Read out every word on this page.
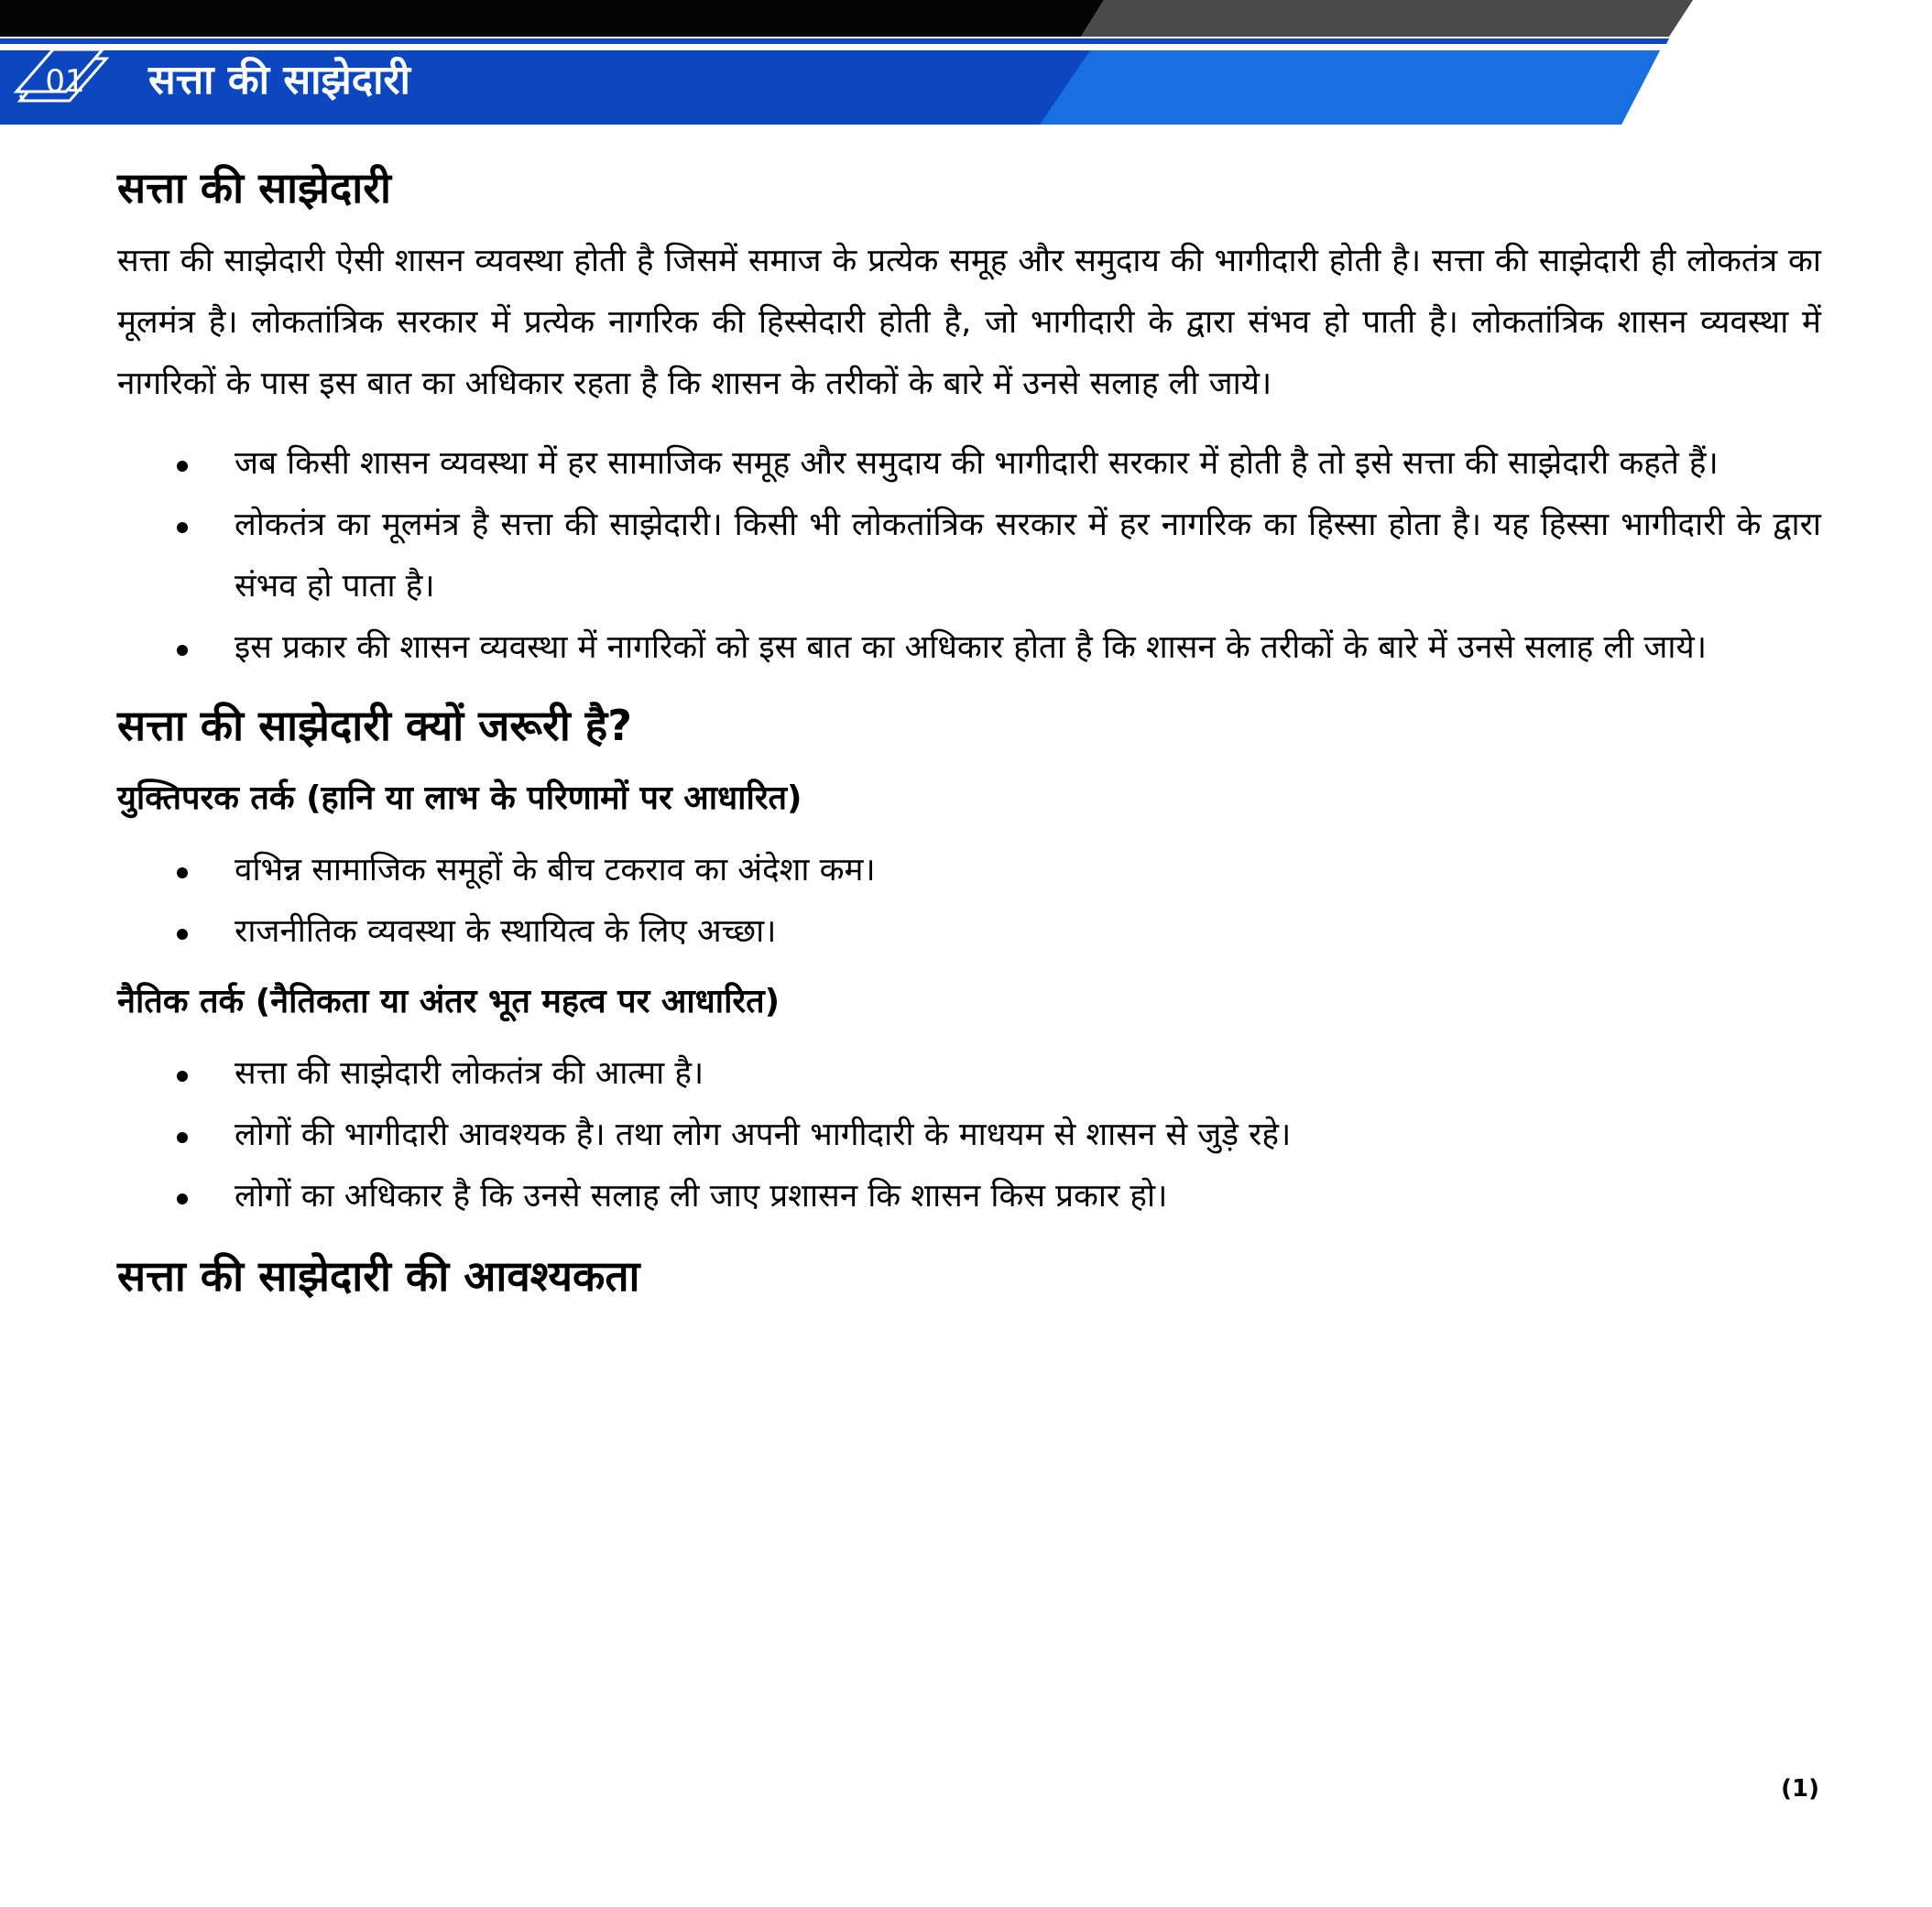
01 सत्ता की साझेदारी
सत्ता की साझेदारी

सत्ता की साझेदारी ऐसी शासन व्यवस्था होती है जिसमें समाज के प्रत्येक समूह और समुदाय की भागीदारी होती है। सत्ता की साझेदारी ही लोकतंत्र का मूलमंत्र है। लोकतांत्रिक सरकार में प्रत्येक नागरिक की हिस्सेदारी होती है, जो भागीदारी के द्वारा संभव हो पाती है। लोकतांत्रिक शासन व्यवस्था में नागरिकों के पास इस बात का अधिकार रहता है कि शासन के तरीकों के बारे में उनसे सलाह ली जाये।

जब किसी शासन व्यवस्था में हर सामाजिक समूह और समुदाय की भागीदारी सरकार में होती है तो इसे सत्ता की साझेदारी कहते हैं।
लोकतंत्र का मूलमंत्र है सत्ता की साझेदारी। किसी भी लोकतांत्रिक सरकार में हर नागरिक का हिस्सा होता है। यह हिस्सा भागीदारी के द्वारा संभव हो पाता है।
इस प्रकार की शासन व्यवस्था में नागरिकों को इस बात का अधिकार होता है कि शासन के तरीकों के बारे में उनसे सलाह ली जाये।
सत्ता की साझेदारी क्यों जरूरी है?
युक्तिपरक तर्क (हानि या लाभ के परिणामों पर आधारित)
वभिन्न सामाजिक समूहों के बीच टकराव का अंदेशा कम।
राजनीतिक व्यवस्था के स्थायित्व के लिए अच्छा।
नैतिक तर्क (नैतिकता या अंतर भूत महत्व पर आधारित)
सत्ता की साझेदारी लोकतंत्र की आत्मा है।
लोगों की भागीदारी आवश्यक है। तथा लोग अपनी भागीदारी के माधयम से शासन से जुड़े रहे।
लोगों का अधिकार है कि उनसे सलाह ली जाए प्रशासन कि शासन किस प्रकार हो।
सत्ता की साझेदारी की आवश्यकता
(1)
